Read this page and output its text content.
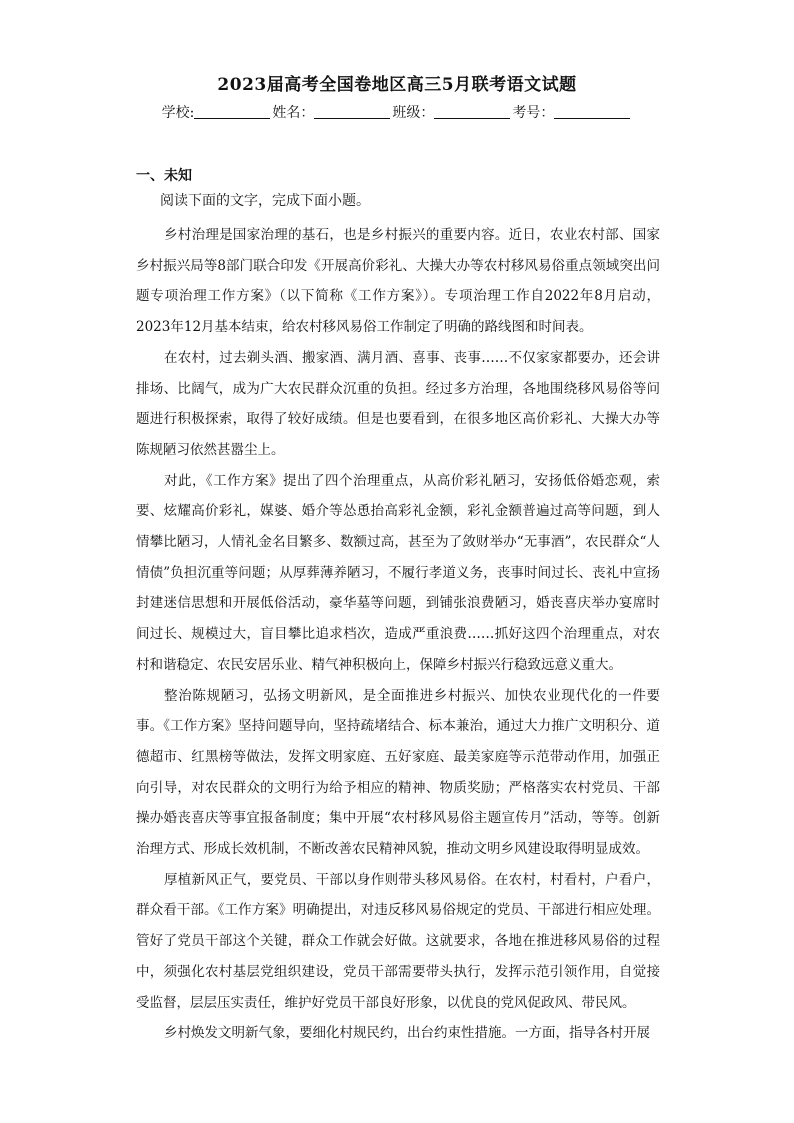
2023届高考全国卷地区高三5月联考语文试题
学校:	姓名：	班级：	考号：
一、未知
阅读下面的文字，完成下面小题。

乡村治理是国家治理的基石，也是乡村振兴的重要内容。近日，农业农村部、国家乡村振兴局等8部门联合印发《开展高价彩礼、大操大办等农村移风易俗重点领域突出问题专项治理工作方案》（以下简称《工作方案》）。专项治理工作自2022年8月启动，2023年12月基本结束，给农村移风易俗工作制定了明确的路线图和时间表。

在农村，过去剃头酒、搬家酒、满月酒、喜事、丧事……不仅家家都要办，还会讲排场、比阔气，成为广大农民群众沉重的负担。经过多方治理，各地围绕移风易俗等问题进行积极探索，取得了较好成绩。但是也要看到，在很多地区高价彩礼、大操大办等陈规陋习依然甚嚣尘上。

对此，《工作方案》提出了四个治理重点，从高价彩礼陋习，安扬低俗婚恋观，索要、炫耀高价彩礼，媒婆、婚介等怂恿抬高彩礼金额，彩礼金额普遍过高等问题，到人情攀比陋习，人情礼金名目繁多、数额过高，甚至为了敛财举办“无事酒”，农民群众“人情债”负担沉重等问题；从厚葬薄养陋习，不履行孝道义务，丧事时间过长、丧礼中宣扬封建迷信思想和开展低俗活动，豪华墓等问题，到铺张浪费陋习，婚丧喜庆举办宴席时间过长、规模过大，盲目攀比追求档次，造成严重浪费……抓好这四个治理重点，对农村和谐稳定、农民安居乐业、精气神积极向上，保障乡村振兴行稳致远意义重大。

整治陈规陋习，弘扬文明新风，是全面推进乡村振兴、加快农业现代化的一件要事。《工作方案》坚持问题导向，坚持疏堵结合、标本兼治，通过大力推广文明积分、道德超市、红黑榜等做法，发挥文明家庭、五好家庭、最美家庭等示范带动作用，加强正向引导，对农民群众的文明行为给予相应的精神、物质奖励；严格落实农村党员、干部操办婚丧喜庆等事宜报备制度；集中开展“农村移风易俗主题宣传月”活动，等等。创新治理方式、形成长效机制，不断改善农民精神风貌，推动文明乡风建设取得明显成效。

厚植新风正气，要党员、干部以身作则带头移风易俗。在农村，村看村，户看户，群众看干部。《工作方案》明确提出，对违反移风易俗规定的党员、干部进行相应处理。管好了党员干部这个关键，群众工作就会好做。这就要求，各地在推进移风易俗的过程中，须强化农村基层党组织建设，党员干部需要带头执行，发挥示范引领作用，自觉接受监督，层层压实责任，维护好党员干部良好形象，以优良的党风促政风、带民风。

乡村焕发文明新气象，要细化村规民约，出台约束性措施。一方面，指导各村开展
